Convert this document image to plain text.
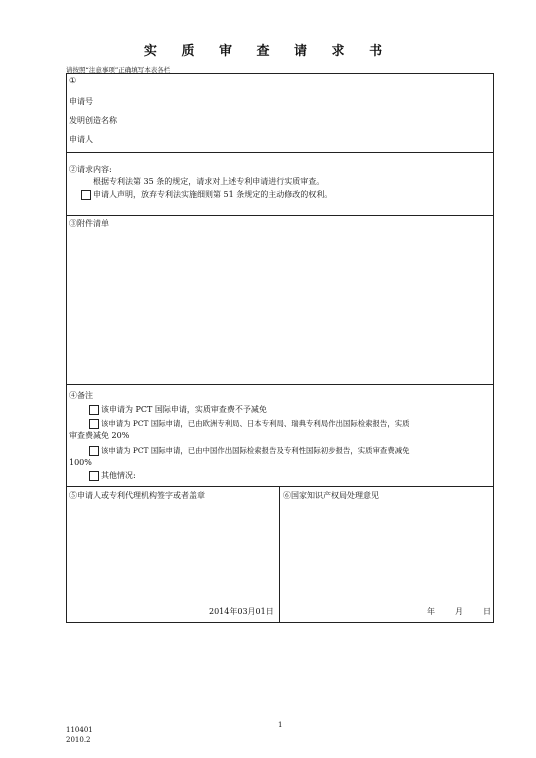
实 质 审 查 请 求 书
请按照“注意事项”正确填写本表各栏
①
申请号
发明创造名称
申请人
②请求内容:
根据专利法第 35 条的规定，请求对上述专利申请进行实质审查。
申请人声明，放弃专利法实施细则第 51 条规定的主动修改的权利。
③附件清单
④备注
该申请为 PCT 国际申请，实质审查费不予减免
该申请为 PCT 国际申请，已由欧洲专利局、日本专利局、瑞典专利局作出国际检索报告，实质
审查费减免 20%
该申请为 PCT 国际申请，已由中国作出国际检索报告及专利性国际初步报告，实质审查费减免
100%
其他情况:
⑤申请人或专利代理机构签字或者盖章
2014年03月01日
⑥国家知识产权局处理意见
年	月	日
1
110401
2010.2
